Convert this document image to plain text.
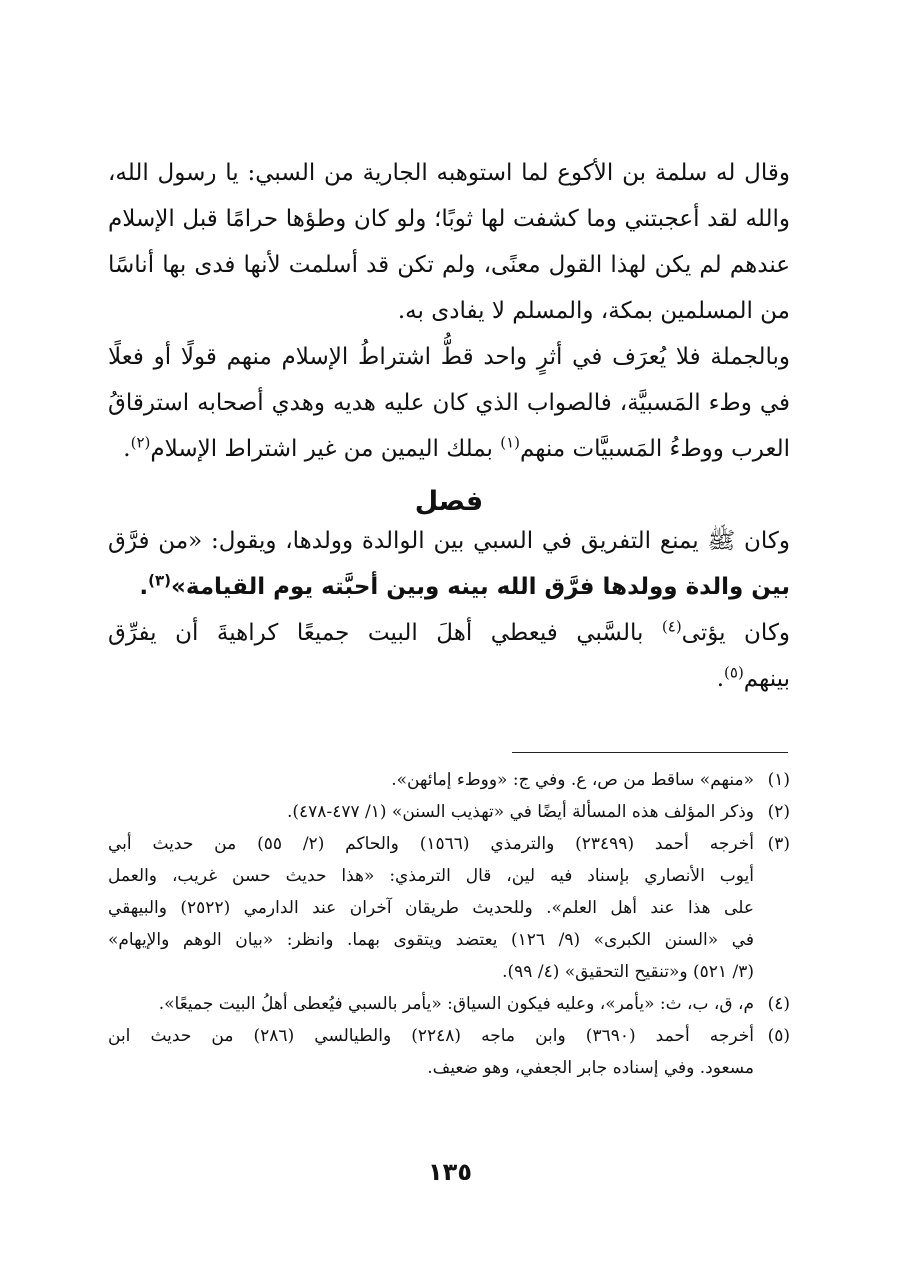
وقال له سلمة بن الأكوع لما استوهبه الجارية من السبي: يا رسول الله،
والله لقد أعجبتني وما كشفت لها ثوبًا؛ ولو كان وطؤها حرامًا قبل الإسلام
عندهم لم يكن لهذا القول معنًى، ولم تكن قد أسلمت لأنها فدى بها أناسًا
من المسلمين بمكة، والمسلم لا يفادى به.

وبالجملة فلا يُعرَف في أثرٍ واحد قطُّ اشتراطُ الإسلام منهم قولًا أو فعلًا
في وطء المَسبيَّة، فالصواب الذي كان عليه هديه وهدي أصحابه استرقاقُ
العرب ووطءُ المَسبيَّات منهم$^{(١)}$ بملك اليمين من غير اشتراط الإسلام$^{(٢)}$.

وكان ﷺ يمنع التفريق في السبي بين الوالدة وولدها، ويقول: «من فرَّق
بين والدة وولدها فرَّق الله بينه وبين أحبَّته يوم القيامة»$^{(٣)}$.

وكان يؤتى$^{(٤)}$ بالسَّبي فيعطي أهلَ البيت جميعًا كراهيةَ أن يفرِّق
بينهم$^{(٥)}$.

فصل
(١)
«منهم» ساقط من ص، ع. وفي ج: «ووطء إمائهن».
(٢)
وذكر المؤلف هذه المسألة أيضًا في «تهذيب السنن» (١/ ٤٧٧-٤٧٨).
(٣)
أخرجه أحمد (٢٣٤٩٩) والترمذي (١٥٦٦) والحاكم (٢/ ٥٥) من حديث أبي
أيوب الأنصاري بإسناد فيه لين، قال الترمذي: «هذا حديث حسن غريب، والعمل
على هذا عند أهل العلم». وللحديث طريقان آخران عند الدارمي (٢٥٢٢) والبيهقي
في «السنن الكبرى» (٩/ ١٢٦) يعتضد ويتقوى بهما. وانظر: «بيان الوهم والإيهام»
(٣/ ٥٢١) و«تنقيح التحقيق» (٤/ ٩٩).
(٤)
م، ق، ب، ث: «يأمر»، وعليه فيكون السياق: «يأمر بالسبي فيُعطى أهلُ البيت جميعًا».
(٥)
أخرجه أحمد (٣٦٩٠) وابن ماجه (٢٢٤٨) والطيالسي (٢٨٦) من حديث ابن
مسعود. وفي إسناده جابر الجعفي، وهو ضعيف.
١٣٥
